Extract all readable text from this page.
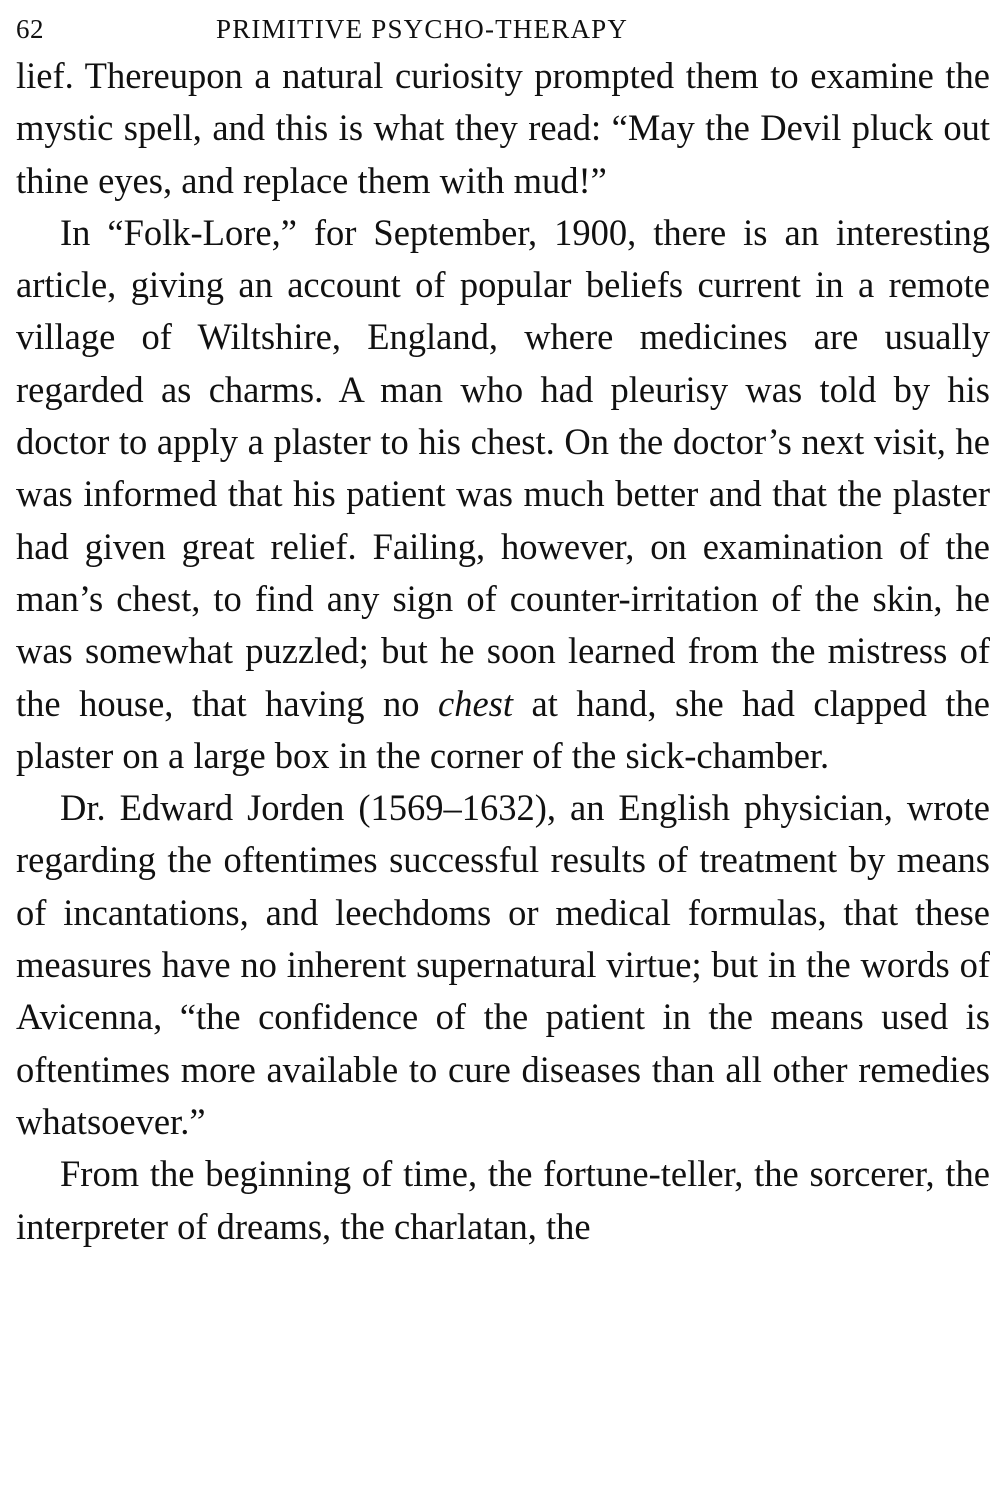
62	PRIMITIVE PSYCHO-THERAPY

lief. Thereupon a natural curiosity prompted them to examine the mystic spell, and this is what they read: “May the Devil pluck out thine eyes, and replace them with mud!”

In “Folk-Lore,” for September, 1900, there is an interesting article, giving an account of popular beliefs current in a remote village of Wiltshire, England, where medicines are usually regarded as charms. A man who had pleurisy was told by his doctor to apply a plaster to his chest. On the doctor’s next visit, he was informed that his patient was much better and that the plaster had given great relief. Failing, however, on examination of the man’s chest, to find any sign of counter-irritation of the skin, he was somewhat puzzled; but he soon learned from the mistress of the house, that having no chest at hand, she had clapped the plaster on a large box in the corner of the sick-chamber.

Dr. Edward Jorden (1569–1632), an English physician, wrote regarding the oftentimes successful results of treatment by means of incantations, and leechdoms or medical formulas, that these measures have no inherent supernatural virtue; but in the words of Avicenna, “the confidence of the patient in the means used is oftentimes more available to cure diseases than all other remedies whatsoever.”

From the beginning of time, the fortune-teller, the sorcerer, the interpreter of dreams, the charlatan, the
